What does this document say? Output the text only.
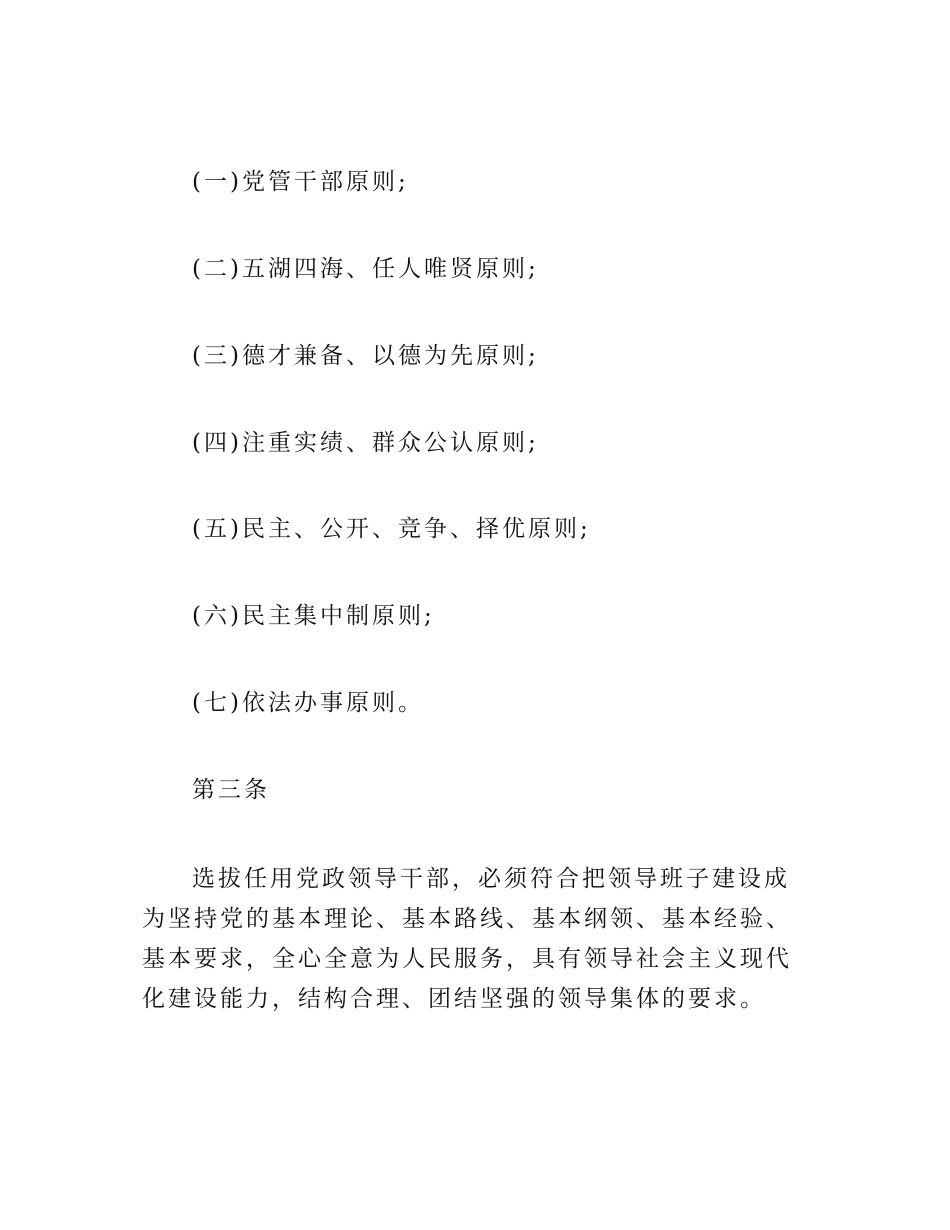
(一)党管干部原则;
(二)五湖四海、任人唯贤原则;
(三)德才兼备、以德为先原则;
(四)注重实绩、群众公认原则;
(五)民主、公开、竞争、择优原则;
(六)民主集中制原则;
(七)依法办事原则。
第三条
选拔任用党政领导干部，必须符合把领导班子建设成为坚持党的基本理论、基本路线、基本纲领、基本经验、基本要求，全心全意为人民服务，具有领导社会主义现代化建设能力，结构合理、团结坚强的领导集体的要求。
